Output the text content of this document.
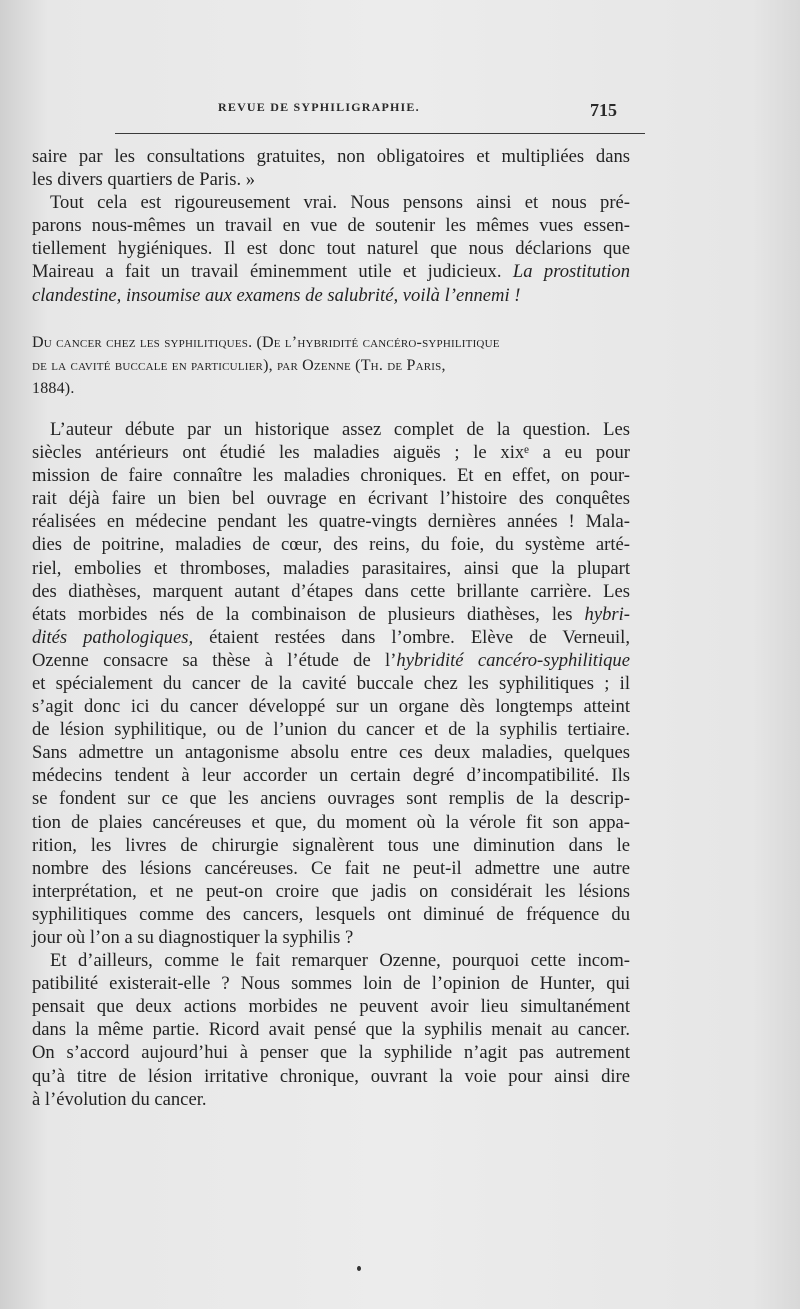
REVUE DE SYPHILIGRAPHIE.	715
saire par les consultations gratuites, non obligatoires et multipliées dans
les divers quartiers de Paris. »
Tout cela est rigoureusement vrai. Nous pensons ainsi et nous pré-
parons nous-mêmes un travail en vue de soutenir les mêmes vues essen-
tiellement hygiéniques. Il est donc tout naturel que nous déclarions que
Maireau a fait un travail éminemment utile et judicieux. La prostitution
clandestine, insoumise aux examens de salubrité, voilà l’ennemi !
Du cancer chez les syphilitiques. (De l’hybridité cancéro-syphilitique
de la cavité buccale en particulier), par Ozenne (Th. de Paris,
1884).
L’auteur débute par un historique assez complet de la question. Les
siècles antérieurs ont étudié les maladies aiguës ; le xixᵉ a eu pour
mission de faire connaître les maladies chroniques. Et en effet, on pour-
rait déjà faire un bien bel ouvrage en écrivant l’histoire des conquêtes
réalisées en médecine pendant les quatre-vingts dernières années ! Mala-
dies de poitrine, maladies de cœur, des reins, du foie, du système arté-
riel, embolies et thromboses, maladies parasitaires, ainsi que la plupart
des diathèses, marquent autant d’étapes dans cette brillante carrière. Les
états morbides nés de la combinaison de plusieurs diathèses, les hybri-
dités pathologiques, étaient restées dans l’ombre. Elève de Verneuil,
Ozenne consacre sa thèse à l’étude de l’hybridité cancéro-syphilitique
et spécialement du cancer de la cavité buccale chez les syphilitiques ; il
s’agit donc ici du cancer développé sur un organe dès longtemps atteint
de lésion syphilitique, ou de l’union du cancer et de la syphilis tertiaire.
Sans admettre un antagonisme absolu entre ces deux maladies, quelques
médecins tendent à leur accorder un certain degré d’incompatibilité. Ils
se fondent sur ce que les anciens ouvrages sont remplis de la descrip-
tion de plaies cancéreuses et que, du moment où la vérole fit son appa-
rition, les livres de chirurgie signalèrent tous une diminution dans le
nombre des lésions cancéreuses. Ce fait ne peut-il admettre une autre
interprétation, et ne peut-on croire que jadis on considérait les lésions
syphilitiques comme des cancers, lesquels ont diminué de fréquence du
jour où l’on a su diagnostiquer la syphilis ?
Et d’ailleurs, comme le fait remarquer Ozenne, pourquoi cette incom-
patibilité existerait-elle ? Nous sommes loin de l’opinion de Hunter, qui
pensait que deux actions morbides ne peuvent avoir lieu simultanément
dans la même partie. Ricord avait pensé que la syphilis menait au cancer.
On s’accord aujourd’hui à penser que la syphilide n’agit pas autrement
qu’à titre de lésion irritative chronique, ouvrant la voie pour ainsi dire
à l’évolution du cancer.
